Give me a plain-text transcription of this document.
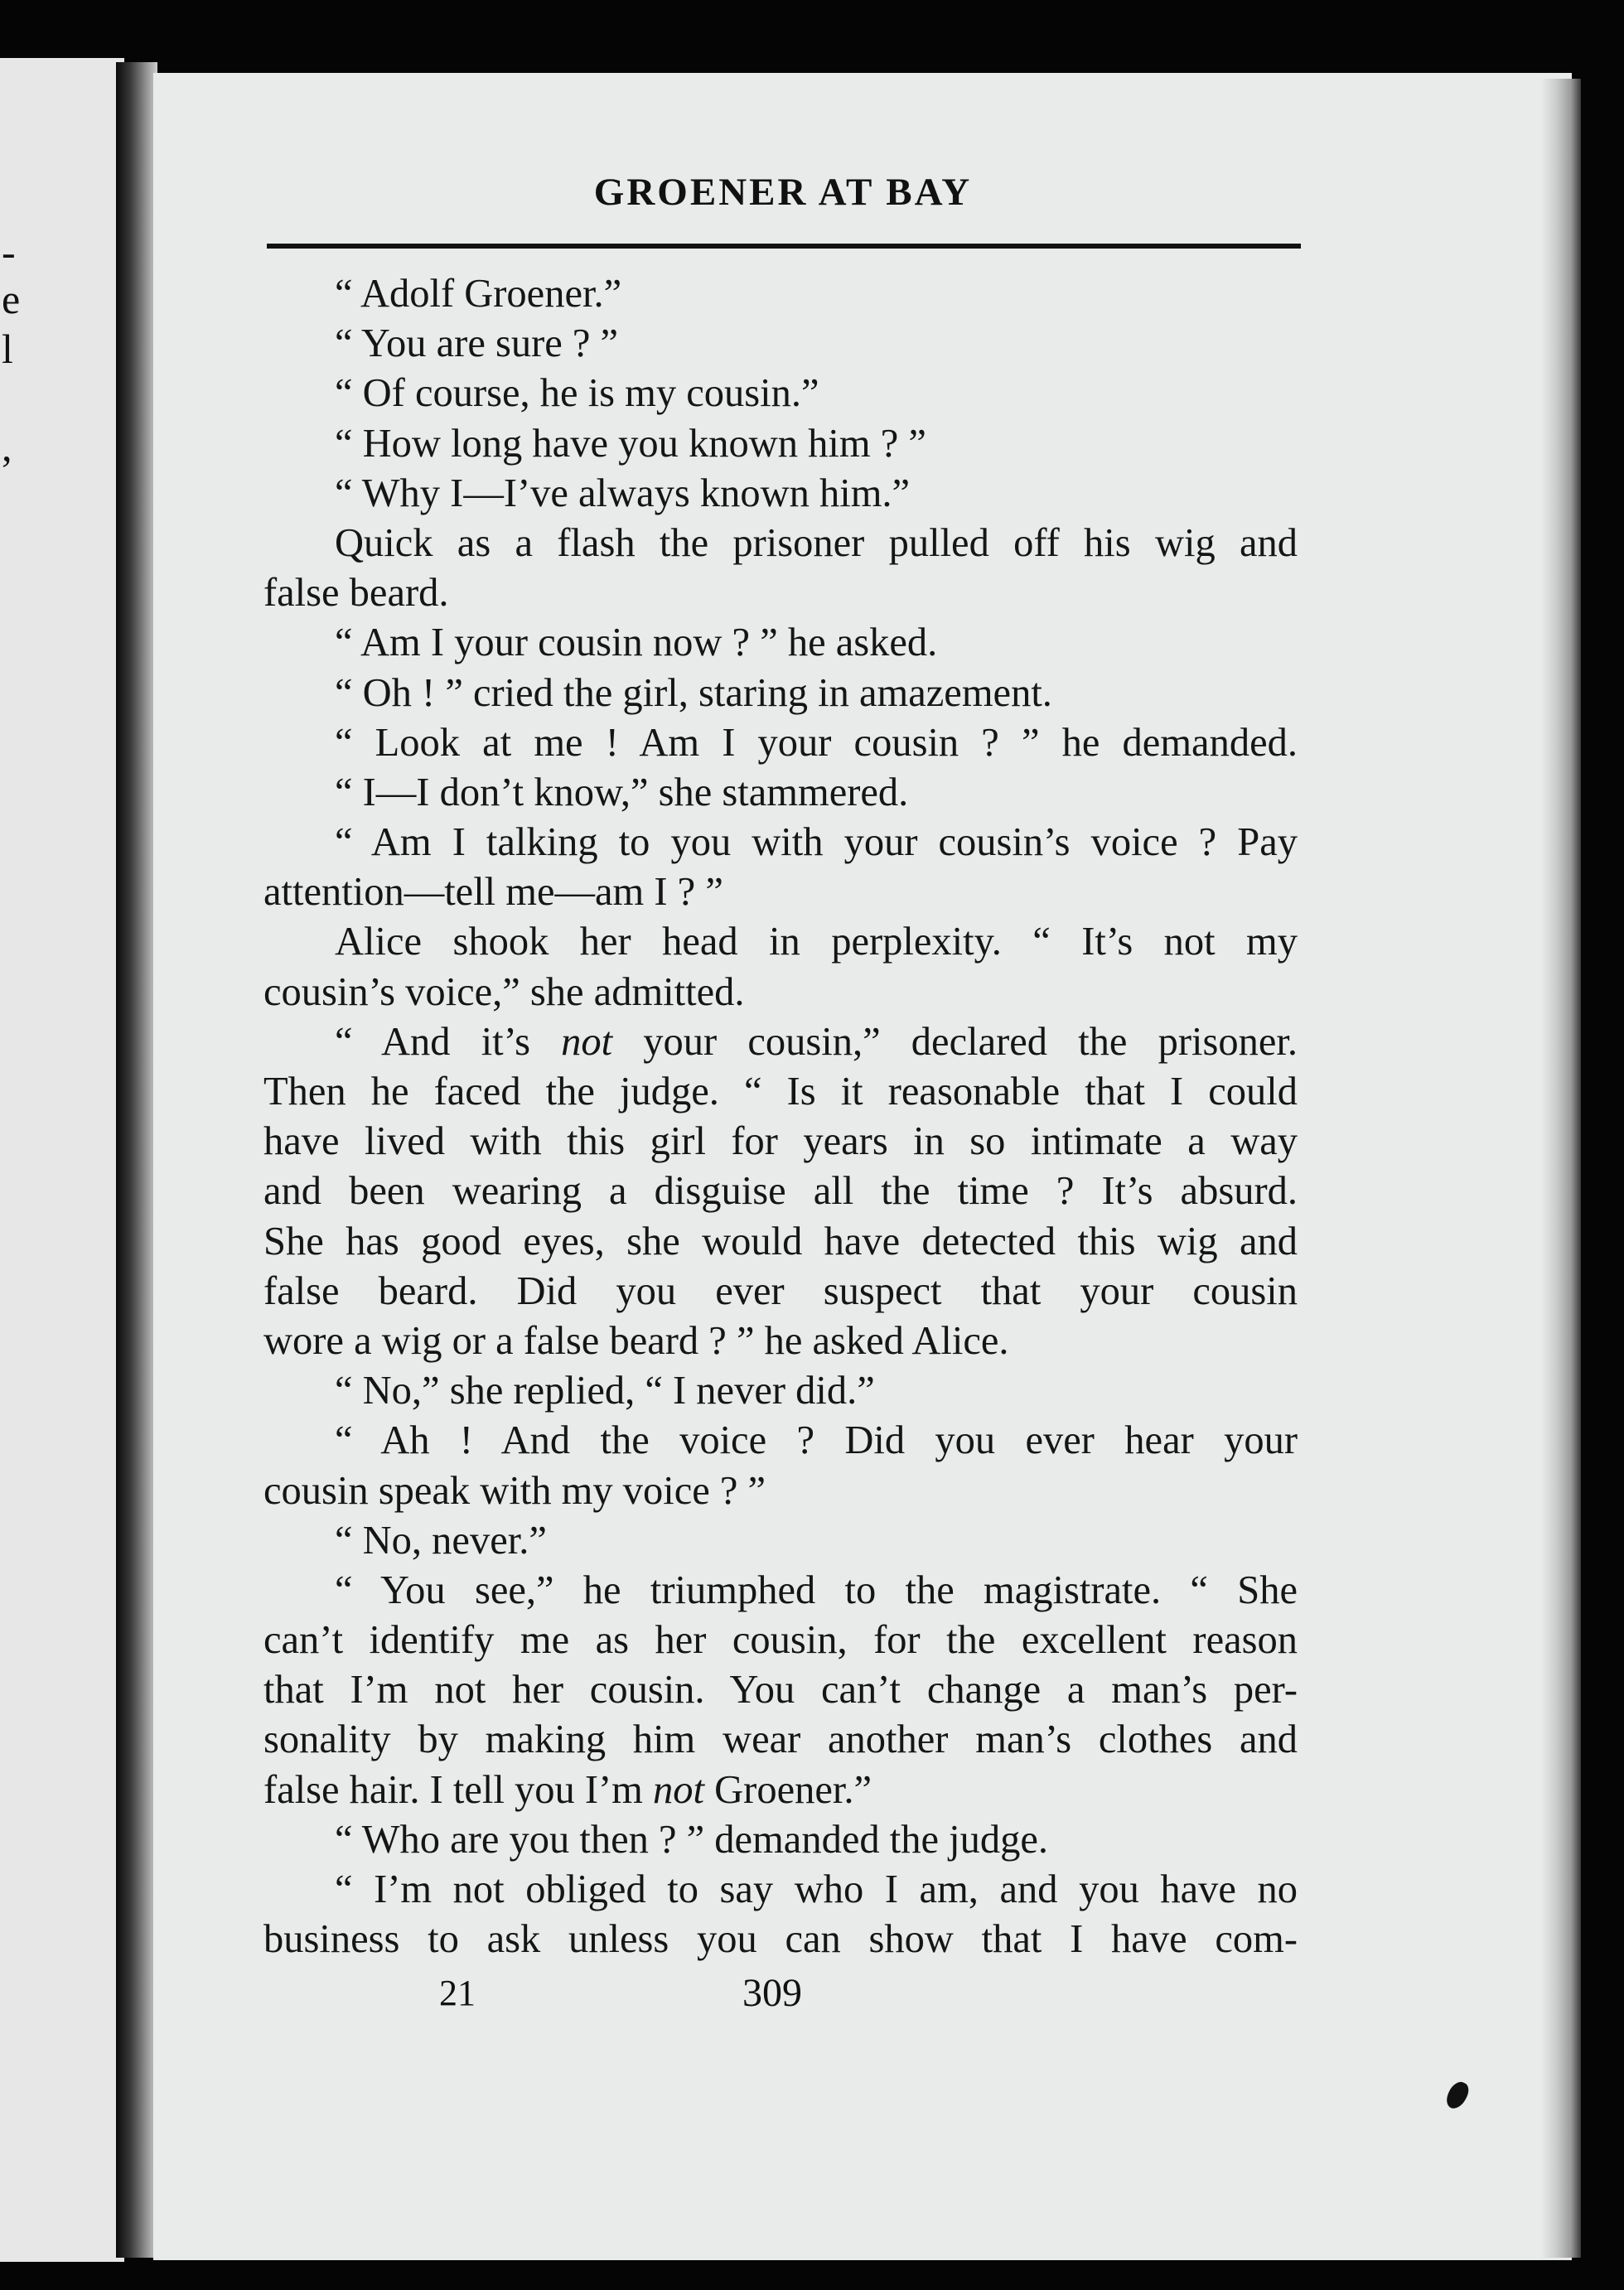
-
e
l
,
GROENER AT BAY
“ Adolf Groener.”
“ You are sure ? ”
“ Of course, he is my cousin.”
“ How long have you known him ? ”
“ Why I—I’ve always known him.”
Quick as a flash the prisoner pulled off his wig and
false beard.
“ Am I your cousin now ? ” he asked.
“ Oh ! ” cried the girl, staring in amazement.
“ Look at me ! Am I your cousin ? ” he demanded.
“ I—I don’t know,” she stammered.
“ Am I talking to you with your cousin’s voice ? Pay
attention—tell me—am I ? ”
Alice shook her head in perplexity. “ It’s not my
cousin’s voice,” she admitted.
“ And it’s not your cousin,” declared the prisoner.
Then he faced the judge. “ Is it reasonable that I could
have lived with this girl for years in so intimate a way
and been wearing a disguise all the time ? It’s absurd.
She has good eyes, she would have detected this wig and
false beard. Did you ever suspect that your cousin
wore a wig or a false beard ? ” he asked Alice.
“ No,” she replied, “ I never did.”
“ Ah ! And the voice ? Did you ever hear your
cousin speak with my voice ? ”
“ No, never.”
“ You see,” he triumphed to the magistrate. “ She
can’t identify me as her cousin, for the excellent reason
that I’m not her cousin. You can’t change a man’s per-
sonality by making him wear another man’s clothes and
false hair. I tell you I’m not Groener.”
“ Who are you then ? ” demanded the judge.
“ I’m not obliged to say who I am, and you have no
business to ask unless you can show that I have com-
21	309
